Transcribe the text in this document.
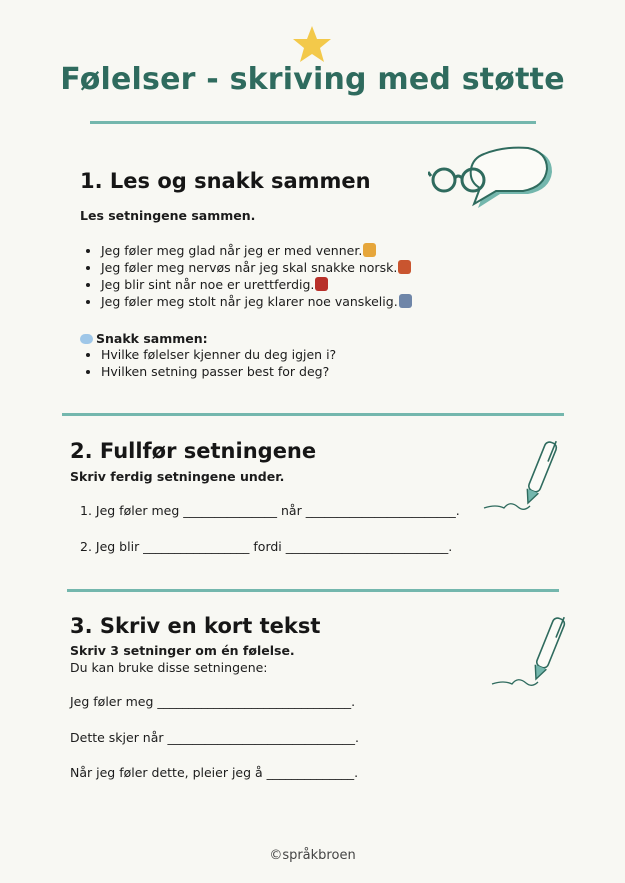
Følelser - skriving med støtte
1. Les og snakk sammen
Les setningene sammen.
• Jeg føler meg glad når jeg er med venner.
• Jeg føler meg nervøs når jeg skal snakke norsk.
• Jeg blir sint når noe er urettferdig.
• Jeg føler meg stolt når jeg klarer noe vanskelig.
Snakk sammen:
• Hvilke følelser kjenner du deg igjen i?
• Hvilken setning passer best for deg?
2. Fullfør setningene
Skriv ferdig setningene under.
1. Jeg føler meg _______________ når ________________________.
2. Jeg blir _________________ fordi __________________________.
3. Skriv en kort tekst
Skriv 3 setninger om én følelse.
Du kan bruke disse setningene:
Jeg føler meg _______________________________.
Dette skjer når ______________________________.
Når jeg føler dette, pleier jeg å ______________.
©språkbroen
